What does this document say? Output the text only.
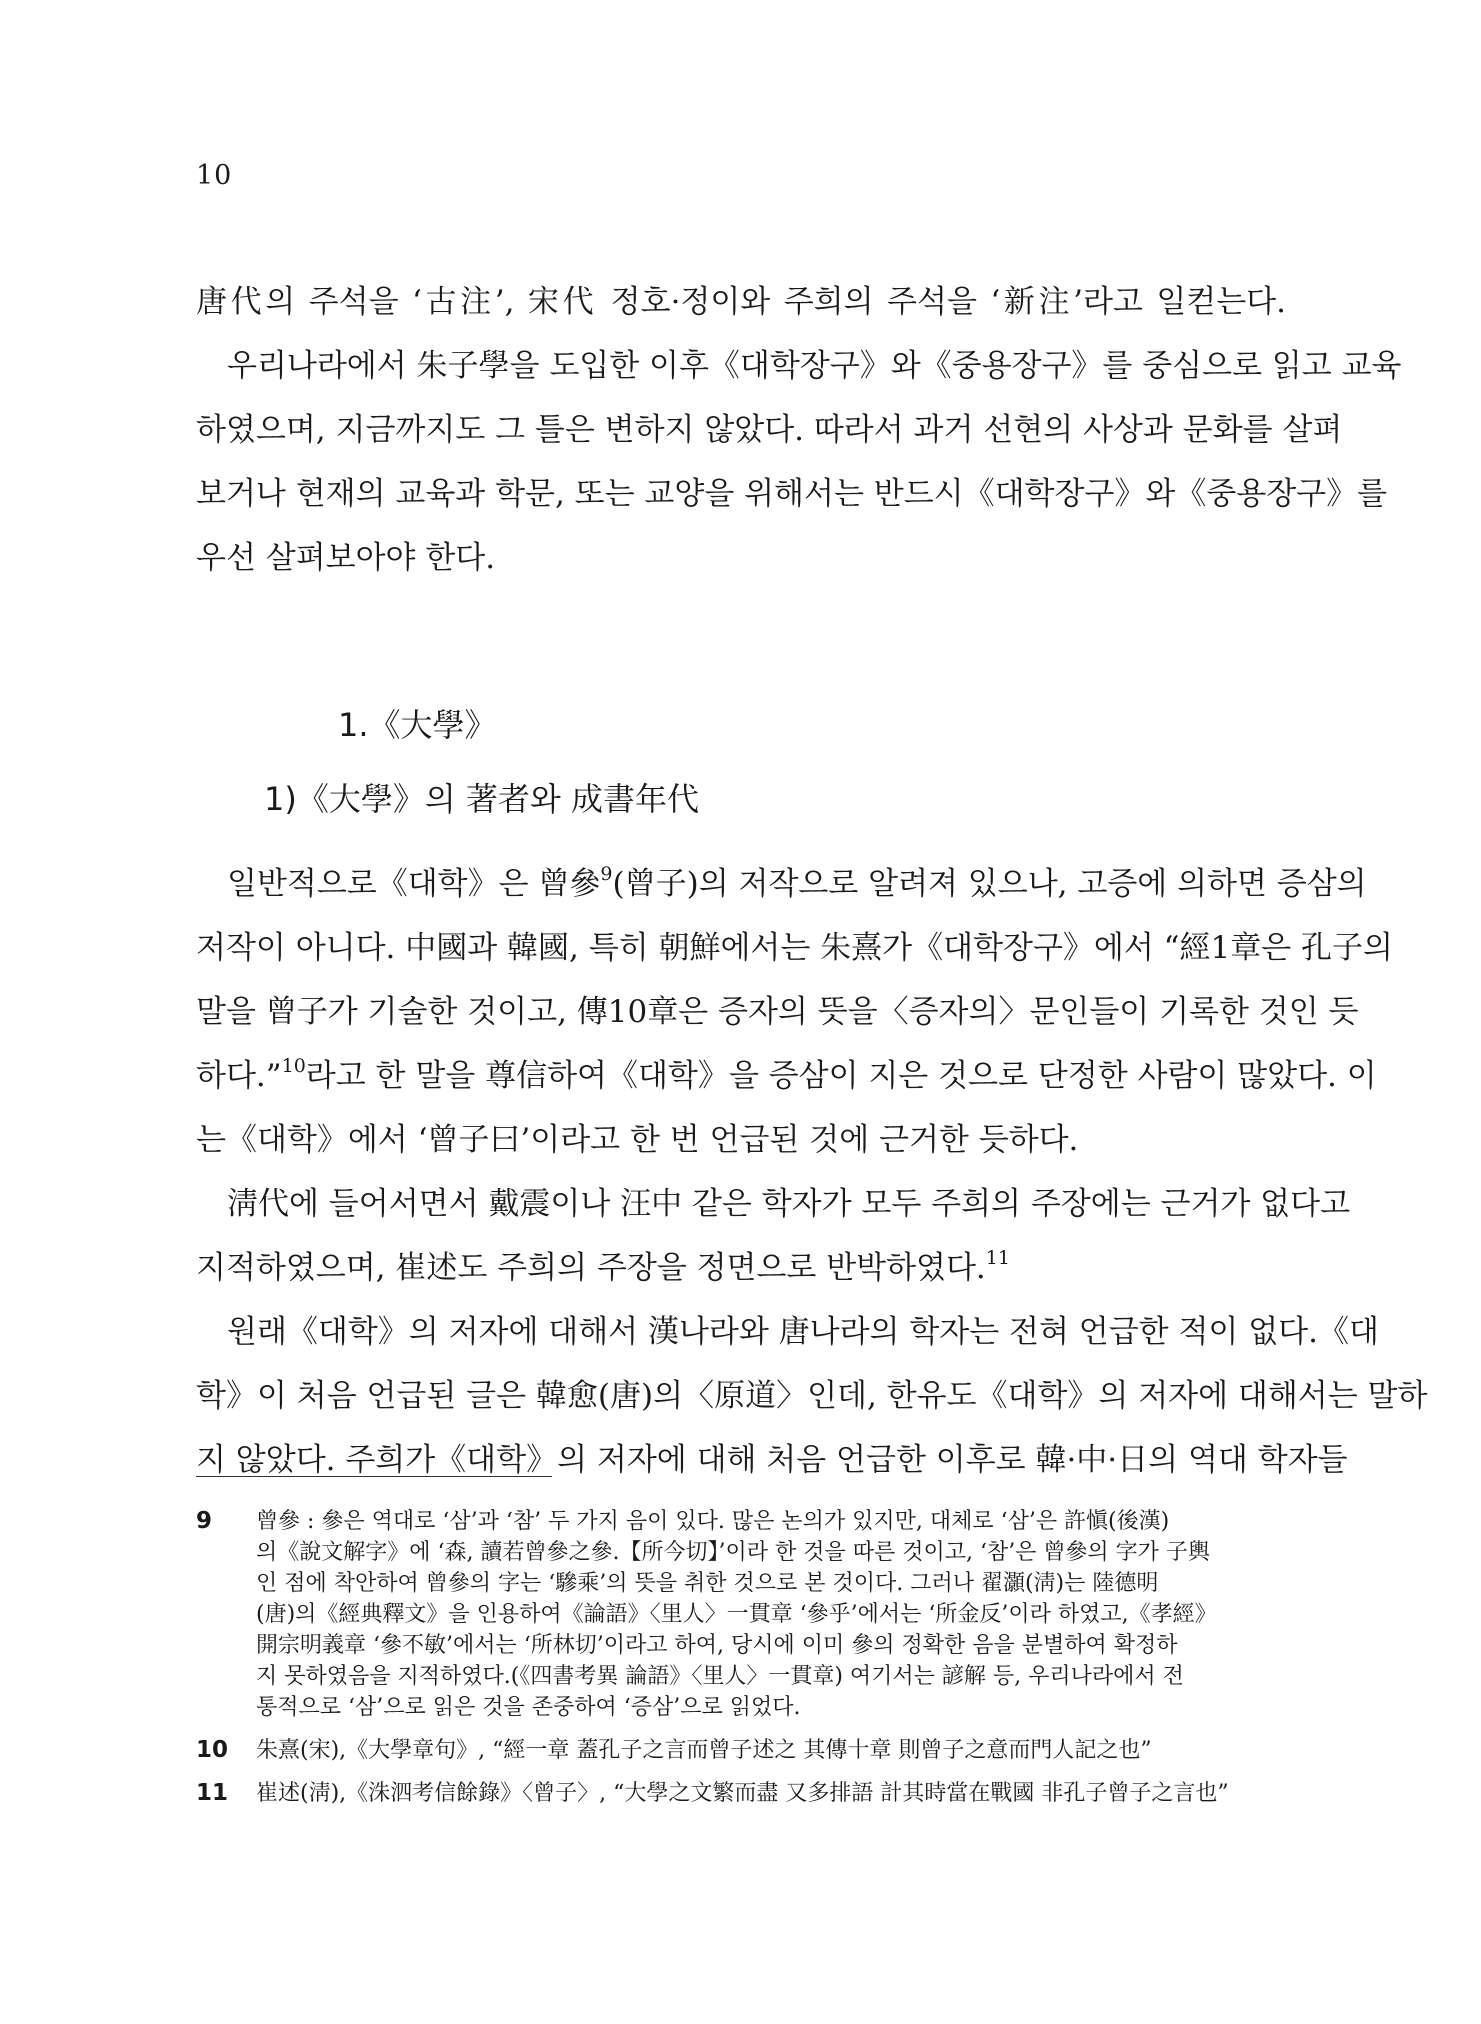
10
唐代의 주석을 ‘古注’, 宋代 정호·정이와 주희의 주석을 ‘新注’라고 일컫는다.
우리나라에서 朱子學을 도입한 이후《대학장구》와《중용장구》를 중심으로 읽고 교육
하였으며, 지금까지도 그 틀은 변하지 않았다. 따라서 과거 선현의 사상과 문화를 살펴
보거나 현재의 교육과 학문, 또는 교양을 위해서는 반드시《대학장구》와《중용장구》를
우선 살펴보아야 한다.
1.《大學》
1)《大學》의 著者와 成書年代
일반적으로《대학》은 曾參$^9$(曾子)의 저작으로 알려져 있으나, 고증에 의하면 증삼의
저작이 아니다. 中國과 韓國, 특히 朝鮮에서는 朱熹가《대학장구》에서 “經1章은 孔子의
말을 曾子가 기술한 것이고, 傳10章은 증자의 뜻을〈증자의〉문인들이 기록한 것인 듯
하다.”$^{10}$라고 한 말을 尊信하여《대학》을 증삼이 지은 것으로 단정한 사람이 많았다. 이
는《대학》에서 ‘曾子曰’이라고 한 번 언급된 것에 근거한 듯하다.
淸代에 들어서면서 戴震이나 汪中 같은 학자가 모두 주희의 주장에는 근거가 없다고
지적하였으며, 崔述도 주희의 주장을 정면으로 반박하였다.$^{11}$
원래《대학》의 저자에 대해서 漢나라와 唐나라의 학자는 전혀 언급한 적이 없다.《대
학》이 처음 언급된 글은 韓愈(唐)의〈原道〉인데, 한유도《대학》의 저자에 대해서는 말하
지 않았다. 주희가《대학》의 저자에 대해 처음 언급한 이후로 韓·中·日의 역대 학자들
9	曾參 : 參은 역대로 ‘삼’과 ‘참’ 두 가지 음이 있다. 많은 논의가 있지만, 대체로 ‘삼’은 許愼(後漢)
의《說文解字》에 ‘森, 讀若曾參之參.【所今切】’이라 한 것을 따른 것이고, ‘참’은 曾參의 字가 子輿
인 점에 착안하여 曾參의 字는 ‘驂乘’의 뜻을 취한 것으로 본 것이다. 그러나 翟灝(淸)는 陸德明
(唐)의《經典釋文》을 인용하여《論語》〈里人〉一貫章 ‘參乎’에서는 ‘所金反’이라 하였고,《孝經》
開宗明義章 ‘參不敏’에서는 ‘所林切’이라고 하여, 당시에 이미 參의 정확한 음을 분별하여 확정하
지 못하였음을 지적하였다.(《四書考異 論語》〈里人〉一貫章) 여기서는 諺解 등, 우리나라에서 전
통적으로 ‘삼’으로 읽은 것을 존중하여 ‘증삼’으로 읽었다.
10	朱熹(宋),《大學章句》, “經一章 蓋孔子之言而曾子述之 其傳十章 則曾子之意而門人記之也”
11	崔述(淸),《洙泗考信餘錄》〈曾子〉, “大學之文繁而盡 又多排語 計其時當在戰國 非孔子曾子之言也”
